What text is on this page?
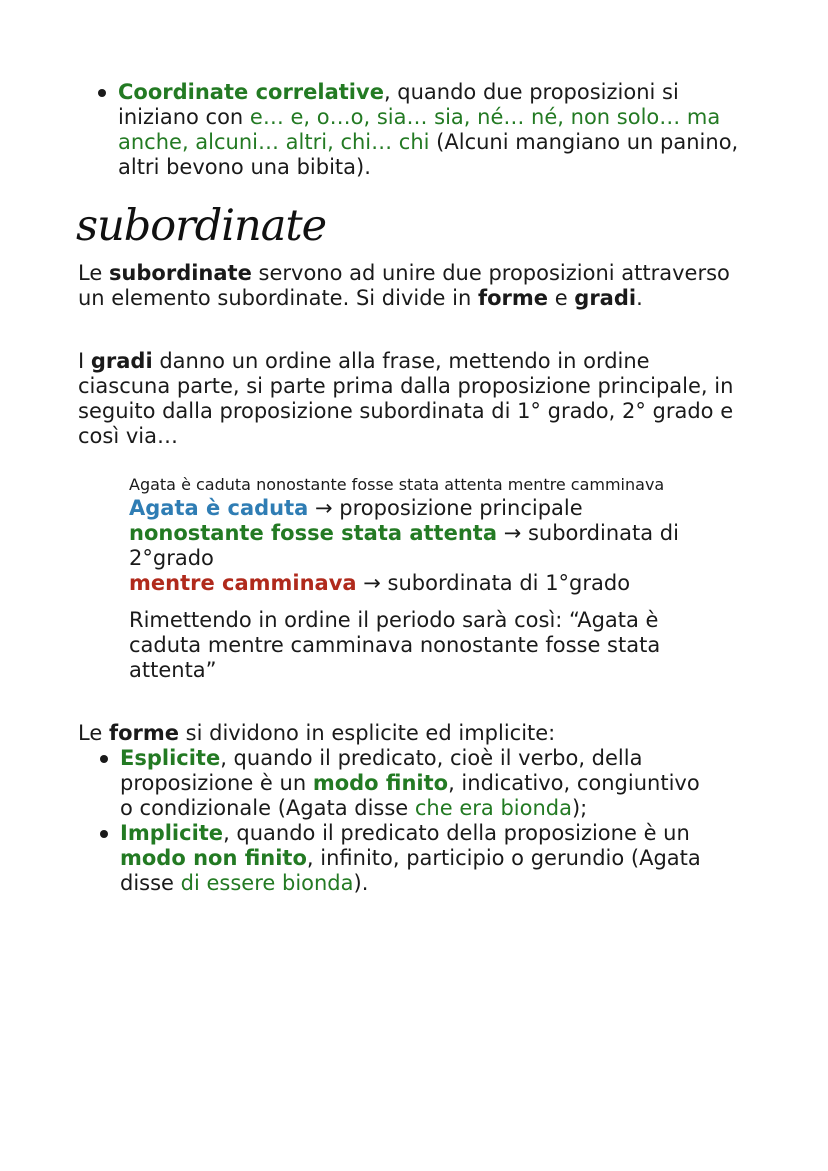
Coordinate correlative, quando due proposizioni si iniziano con e… e, o…o, sia… sia, né… né, non solo… ma anche, alcuni… altri, chi… chi (Alcuni mangiano un panino, altri bevono una bibita).
subordinate
Le subordinate servono ad unire due proposizioni attraverso un elemento subordinate. Si divide in forme e gradi.
I gradi danno un ordine alla frase, mettendo in ordine ciascuna parte, si parte prima dalla proposizione principale, in seguito dalla proposizione subordinata di 1° grado, 2° grado e così via…

Agata è caduta nonostante fosse stata attenta mentre camminava

Agata è caduta → proposizione principale

nonostante fosse stata attenta → subordinata di 2°grado

mentre camminava → subordinata di 1°grado

Rimettendo in ordine il periodo sarà così: “Agata è caduta mentre camminava nonostante fosse stata attenta”

Le forme si dividono in esplicite ed implicite:

Esplicite, quando il predicato, cioè il verbo, della proposizione è un modo finito, indicativo, congiuntivo o condizionale (Agata disse che era bionda);
Implicite, quando il predicato della proposizione è un modo non finito, infinito, participio o gerundio (Agata disse di essere bionda).
